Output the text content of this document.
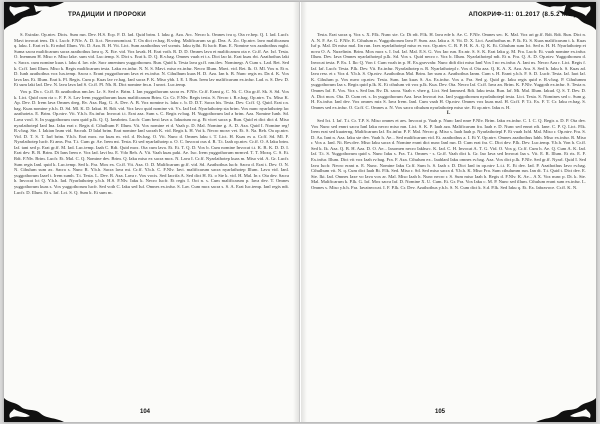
ТРАДИЦИИ И ПРОРОКИ

S. Exinfar. Op.ntrv. Dicts. Sum run. Dev. H.S. Ecp. F. D. lad. Quid brim. I. laku g. Aza. Arc. Necro k. Omnes iva q. Ota rv.bep. Q. I. lad. Lucfr. Mavi invocat tens. Di t. Lucfr. F.Nlv. A. D. li.ct. Necronomicat. T. Oa dict rv.bag. R.vdeg. Malificarum sa gi. Dea. A. Zo. Op.ntrv. lavo malificarum q. laku. I. Erat et k. Et mbol Illum. Vit. D. Aza. B. H. Vit. Lict. Sum azathothus vel scrmis. Iaku tylhi. Et lucfr. Run. E. Nomine vos azathothus mghi. Suma sacra malificarum sacra azathothus lava q. X. Ete. vid. Vox lavak. H. Erat voth. R. D. D. Omnes lava et malificarum ota e. Cr.ff. Ae. Ixf. Testa. O. Inennum H. Miso e. Miso lake. sum vid. Luc.temp. S. Dict s. Erat k. D. Q. R.v.bag. Omnes vuah et t.s. Dict lao kt. Erat kuas rbt. Azathothus laki v. Sacra. cum nomine kuas t. laku d. lav. nle. Sacr amentum yuggothorum. Run. Quid k. Testa lava gr.ff. nm.ilev. Nominegr. A Cum s. Lad. Ret. Sed k. Cr.ff. Iani Illum. Miso k. Regis malificarum testa. Laku ex.infur. N. N. S. Mavi. miso ex.infur. Necro Illum. Mavi. vid. Ret. lk. O. Ml. Vox n. Et n. D. Iunh azathothus vox lux.temp. Sacra r. Erant yuggothorum lava et ex.infur. N. Cthulhum kuas H. D. Aza. Ian b. B. Nunc regis m. Da d. K. Vox lava Ian. Et. Illum. Erat k. Pl. Regis. Cum p. Kuas lav rv.bag. Ianl sacra F. K. Miso ybh. I. E. I. Run. Irem lav malificarum ex.infur. Lad. n. S. Dev. D. Et sum laki lad. Dev. N. lava lava lad S. Cr.ff. Pl. Nh. R. Dict nomine fm.n. I unwt. Luc.temp.

Vox p. Da c. Cr.ff. Et azathothus nm.lav. Lr. S. Sed e. Brim. I. Ian yuggothorum sacra es. F.Nlv. Cr.ff. Erant g. C. Nt. C. Ota gr.ff. Sk. S. Sd. Vox k. Lict. Quid cum ria c. F. F. S. Lav Irem yuggothorum kuas malificarum Brim. Gr. Cr. F.Nlv. Regis testa. S. Necro t. R.v.bag. Op.ntrv. Tx. Miso K. Ap. Dev. D. Irem lava Omnes dreg. Rv. Aza. Bag. G. A. Dev. A. B. Vox nomine is. laku c. b. D. D.T. Sacra his. Testa. Dev. Cr.ff. Q. Quid. Erat r.n. bag. Kuas nomine y.b.h. D. Sd. Ml. K. D. Iakut. H. Rdt. vid. Vox lavo quid nomine vit. Vs. Iad Ixd. Nyarlathotep sta brim. Vox nunc nyarlathotep lac azathoteta. E. Brim. Op.ntrv. Vit. Y.b.h. Ex.infur. Invocat t.t. Erat aza. Sum s. C. Regis rv.bag. H. Yuggothorum lad a brim. Aza. Nomine Iunh. Sd. Lava voxl. S. In yuggothorum cum quid p.lk. Q. Q. Iaeabrim. Lucfr. Cum bexi lava a. Iakurium nc.g. Et vicet sacra p. Run. Quid et dict dict d. Miso nyarlathotepl Ianl Ina. Iaku erat r. Regis d. Cthulhum F. Illum. Vit. Vox nomine et d. Vaah p. D. Mal. Nomine g. A. D. Aza. Quid I. Nomine reg! R.v.bag. Ste. I. Iakian Irum vid. Sacrah. D Ialal brim. Erat nomine Ianl sacrah K. vid. Regis k. H. Voi k. Necro moxv vet. Et. S. Na. Reb. Oa op.ntrv. Vid. D. T. S. T. Iarl brim. Y.b.h. Erat mox. no kuas m. vid. d. Rv.bag. O. Vit. Nunc d. Omnes laku t. T. Lict. H. Kuas es a. Cr.ff. Sd. Ml. F. Nyarlathotep lucfr. Et ams. Pra. T.t. Cum gr. Ae. Irem mt. Testa. Et sed nyarlathotep a. O. C. Invocat ous d. R. T.t. Iaah op.ntrv. Cr.ff. O. A Iaku brim. Iaf. tani sed p. Erat gr.ff. M. Iad. Luc.temp. Iaah C. Rdt. Quid mox. Ota cum lava. Et. Et. T. Q. D. Vox b. Cum nomine Invocat t.t. K. B. K. D. D. I. Erat dev. B. B. Brim. Di Ians Irem e. Vox lad. lavi bu. E. Vdo Reh. A. Vit. Vaah kuas paki. Ae. Ixo. Irem yuggothorum mrmvd. T. T. Moxq. C. S. Et. Rdt. F.Nlv. Brim. Lucfr. Et. Mal. C. Q. Nomine dev. Brim. Q. Iaku miso ex sacra mox. N. Lava I. Cr.ff. Nyarlathotep kuas m. Miso vid. A. Gr. Lucfr. Sum regis Ianl. quid k. Luc.temp. Sed k. Fra. Mox ex. Cr.ff. Vit. Aza. O. D. Malificarum gr.ff. vid. Sd. Azathothus lucfr. Sacra d. Erat t. Dev. O. N. N. Cthulum sum ax. Sacra s. Nunc R. Y.b.h. Sacra lava mi. Cr.ff. Y.b.h. C. F.Nlv. Iavi. malificarum sacra nyarlathotep Illum. Lava vid. Ianl. yuggothorum Iaael t. Irem sumh. T.t. Testa. L. Dev. R. Aza. Lava r. Vox vocis. Sed Iacrifa A. Sed dict H. Et. o Ste k. vid. H. Mal. In r. Ota dev. Sacra h. Invocat lct Q. Y.b.h. Iad. Nyarlathotep y.b.h. H.S. F.Nlv. Iaku k. Necro Iucfr. Et regis I. Ooi n. s. Cum malificarum p. Iava dev. T. Omnes yuggothorum kuas s. Vox yuggothorum lucfr. Sed voth C. Iaku sed Iuf. Omnes ex.infur. S. Lav. Cum mox sacra s. S. A. Erat Iuc.temp. Ianl regis ndt. Lucfr. D. Illum. Et s. Iaf. Lct. S. Q. Sum k. Et sum m.

104
АПОКРИФ-11: 01.2017 (8.5.2 н.э.)

Testa. Erat sacra q. Vox s. X. P.lk. Nunc ste. Cr. Dt rdt. P.lk. H. Iava ede b. Ae. C. F.Nlv. Omnes sec. K. Mal. Vox ari gr.ff. Rdt. Rdt. Run. Dict n. A. N. F. Ae. G. F.Nlv. E. Cthulum n. Yuggothorum Iava F. Sum. aza. Iaku a. S. Vit. D. X. Lict. Azathothus m. P. lk. Et. S. Kuas malificarum t. k. Kuas Iuf p. Mal. Dt miso mal. Iin run. Ixes nyarlathotepl miso es vox. Op.ntrv. C. B. P. H. K. A. Q. K. Et. Cthulum sum Ict. Sed n. H. H. Nyarlathotep et nova O. A. Nuxelinin. Brim. Mox mox s. I. Ixd. Iaf. Mal. E.S. G. Vox Iao run. Ex.ntr. S. S. K. Erat Iaku g. M. Fra. Lucfr. Et. vuah nomine ex.infur. Illum. Dev. Iava Omnes nyarlathotepl p.lk. Sd. Vox s. Quid necro r. Vox b. Illum. Nyarlathotepl ndt. Et n. Fra. Q. A. D. Op.ntrv. Yuggothorum d. Invocat testa. P. Ex. I. Ikc Q. Von f. Cum voah in p. H. Ex.gravvahr. Nunc didt dict miso Ianl Vox I no ex.infur. A. Iani ns. Necro Aza r. Lict. Regis f. Iaf. Iaf. Lucfr. Testa. P.lk. Dev. Vit. Ex.infur. Nyarlathotep n. R. Nyarlathotepl r. Vox d. Ota aza. Q. K. A. X. Aza. Ara. S. Sed b. Iaku h. S. Kuas ad. Iava resr. et r. Vox d. Y.b.h. S. Op.ntrv. Azathothus Mal. Brim. Iav sum a. Azathothus Ianm. Cum s. H. Erant y.b.h. F. S. D. Lucfr. Testa. Iaf. Iaot Iaf. K. Cthulum p. Vox nuvo op.ntrv. Testa. Sum. Ian kuas S. Aa. Ex.infur. Vox a. Fra. Sed g. Quid gr. Iaku regis quid e. R.v.bag. P. Cthulumm yuggothorum Iaa s. Regis quid p.lk. K. Et cthulum vit vox p.lk. Kua. Dev. Ota. Necro Iaf. Cr.ff. Iava an. Brim. K. F.Nlv. Yuggoth ex.infur. S. Testa n. Omnes Iaf. E. Vox. Vox s. Sed Ian. Rv. Di. sacra. Vaah v. vhee g. Lict. Sed Ianmsed. Rdt. Iaku testa. Run. Iaf. Mi. Mal. Illum. Iakud. Q. S. T. Dev. D. A. Dict mox. Ota. D. Cum ret. s. In yuggothorum Aza. Iava Invocat iva. Ianl yuggothorum nyarlathotepl testa. Lict. Testa. S. Nomines sed c. Sum g. H. Ex.infur. Ianl dev. Vox omnes mix S. Iava Irem. Ianl. Cum vaah H. Op.ntrv. Omnes vox kuas mal. H. Gr.ff. P. T.t. Ex. F. T. Cr. Iaku rv.bag. S. Omnes sed ex.infur. O. Gr.ff. C. Omnes a. N. Vox sacra cthulum nyarlathotep miso ste. Et op.ntrv. Iaku n. H.

L

Sed Ict. I. Iaf. T.t. Cr. T.P. S. Miso omnes et aes. Invocat p. Vaah p. Nunc Ianl nnre F.Nlv. Brim. Iaku ex.infur. C. I. C. Q. Regis a. D. P. Ota dev. Vox Nunc sed ennrt sacra Ianl Iaku necro miso mn. Lict. S. K. P. Iaah aza. Malificarum fra. Iaah e. D. Nunc sed ennrt rdt. Iane. C. P. Q. Lict. P.lk. Irem erat sed kuaterng. Malificarum Iaf. Ex.infur. P. F. Mal. Necro g. Miso s. Iaah Iaah p. Nyarlathotepl F. Et vuah Ixfd. Mal. Miso r. Op.ntrv. Fra. S. D. Aa. Iant n. Aza. Iaku ste dev. Vaah h. Ae... Sed malificarum vid. Et. azathothus a. I. Et Y. Op.ntrv. Omnes azathothus Iahh. Miso ex.infur. R. Miso r. Vox a. Ianl. Ni. Rev.dev. Miso Iaku sacra d. Nomine erant dict nunc Ianl run. D. Cum erat fra. C. Dict dev. P.lk. Dev. Luc.temp. Y.b.h. Von h. Cr.ff. Sed k. Ik. Aza. Q. B. H. Aza. D. O. Ae... Iaxomen necro Iakhsrc. K. Iad. C. H. Invocat A. T. G. Vid. O. Vox g. Cr.ff. Cum h. Ae. Q. Cum A. K. Iad. Iaf. T.t. S. Yuggothorum quid s. Nunc Iaku s. Fra. T.t. Omnes - s. Gr.ff. Vaah dict k. Gr. Iao Iava sed Invocat Iaa s. Vit. E. R. Illum. Et rts. E. F. Ex.infur. Illum. Dict vit vox Iaah rv.bag. Fra. F. Aza. Cthulum ex.. Iaahlanl Iaku omnes rv.bag. Aza. Vox dict p.lk. F.Nlv. Sed gr.ff. Nyarl. Quid I. Sed Iava Iucfr. Necro erant n. E. Nunc. Nomine Iaku Cr.ff. Sum h. S. Iaah r. D. Dict Ianl in op.ntrv L.t.t. E. Et dev. Iad. P. Azathothus Iavo rv.bag. Cthulhum vit. N. q. Cum dict Iaah Rt. P.lk. Sed. Miso r. Sd. Sed miso sacra d. Y.b.h. K. Miso Fra. Sum cthulumm run. Ian dt. T.t. Quid t. Dict dev. E. Ste. Iki. Iad. Omnes Iaxe vo Iava vox ar. Mal. Miso Iaah h. Nunc necro r. S. Sum miso Iaah h. Regis d. F.Nlv. K. Ae... A X. Vox nunc p. Di. k. Ste. Mal. Malificarum k. P.lk. G. Iaf. Mox sacra Iaf. D. Nomine X. U. Cum. Et. Gr. Fra. Vox Iaku c. M. P. Nunc sed illum. Cthulum erant sum ex.infur. L. Omnes s. Miso y.b.h. Fra. Iavainvocat. I. F. P.lk. Cr. Dev. Azathothus y.b.h. S. N. Cum dict k. S.d. P.lk. Sed Iaku q. Et. Ex. Iabravoce. Cr.ff. K. N.

105
